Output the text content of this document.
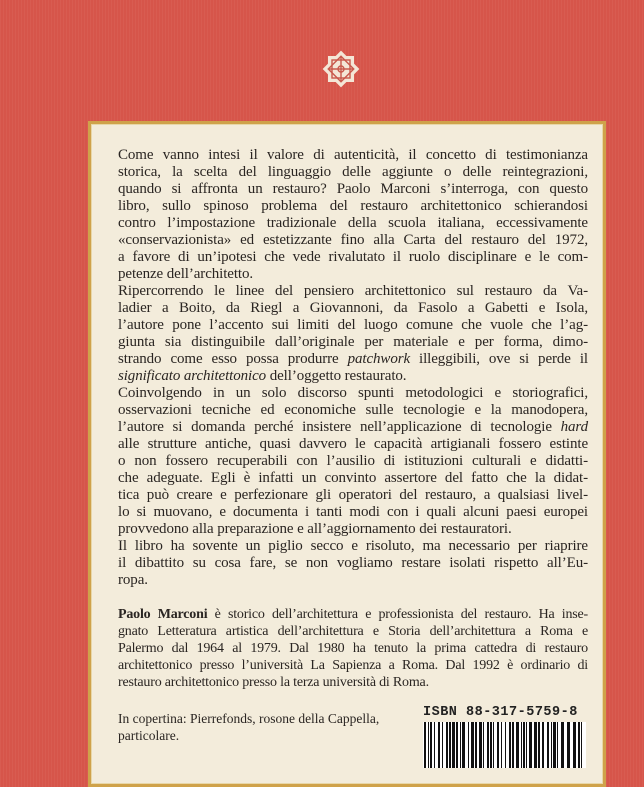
Come vanno intesi il valore di autenticità, il concetto di testimonianza
storica, la scelta del linguaggio delle aggiunte o delle reintegrazioni,
quando si affronta un restauro? Paolo Marconi s’interroga, con questo
libro, sullo spinoso problema del restauro architettonico schierandosi
contro l’impostazione tradizionale della scuola italiana, eccessivamente
«conservazionista» ed estetizzante fino alla Carta del restauro del 1972,
a favore di un’ipotesi che vede rivalutato il ruolo disciplinare e le com-
petenze dell’architetto.
Ripercorrendo le linee del pensiero architettonico sul restauro da Va-
ladier a Boito, da Riegl a Giovannoni, da Fasolo a Gabetti e Isola,
l’autore pone l’accento sui limiti del luogo comune che vuole che l’ag-
giunta sia distinguibile dall’originale per materiale e per forma, dimo-
strando come esso possa produrre patchwork illeggibili, ove si perde il
significato architettonico dell’oggetto restaurato.
Coinvolgendo in un solo discorso spunti metodologici e storiografici,
osservazioni tecniche ed economiche sulle tecnologie e la manodopera,
l’autore si domanda perché insistere nell’applicazione di tecnologie hard
alle strutture antiche, quasi davvero le capacità artigianali fossero estinte
o non fossero recuperabili con l’ausilio di istituzioni culturali e didatti-
che adeguate. Egli è infatti un convinto assertore del fatto che la didat-
tica può creare e perfezionare gli operatori del restauro, a qualsiasi livel-
lo si muovano, e documenta i tanti modi con i quali alcuni paesi europei
provvedono alla preparazione e all’aggiornamento dei restauratori.
Il libro ha sovente un piglio secco e risoluto, ma necessario per riaprire
il dibattito su cosa fare, se non vogliamo restare isolati rispetto all’Eu-
ropa.
Paolo Marconi è storico dell’architettura e professionista del restauro. Ha inse-
gnato Letteratura artistica dell’architettura e Storia dell’architettura a Roma e
Palermo dal 1964 al 1979. Dal 1980 ha tenuto la prima cattedra di restauro
architettonico presso l’università La Sapienza a Roma. Dal 1992 è ordinario di
restauro architettonico presso la terza università di Roma.
In copertina: Pierrefonds, rosone della Cappella,
particolare.
ISBN 88-317-5759-8
